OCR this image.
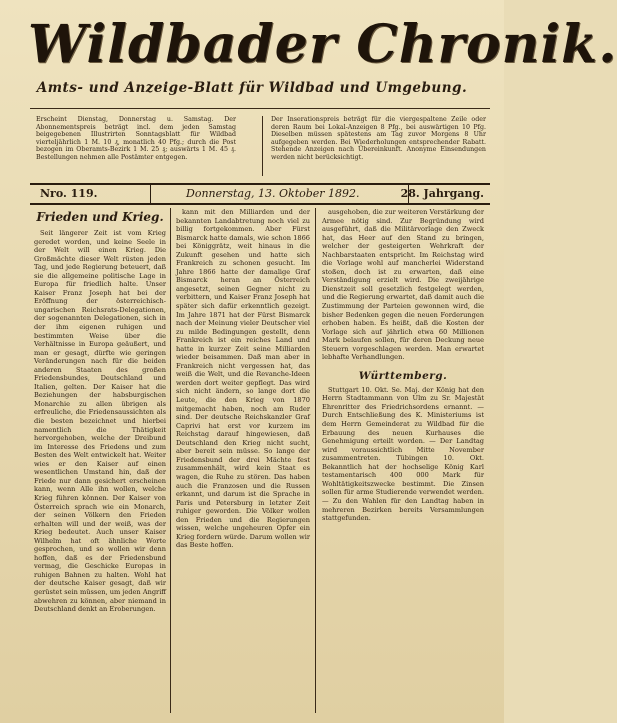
Wildbader Chronik.
Amts- und Anzeige-Blatt für Wildbad und Umgebung.
Erscheint Dienstag, Donnerstag u. Samstag. Der Abonnementspreis beträgt incl. dem jeden Samstag beigegebenen Illustrirten Sonntagsblatt für Wildbad vierteljährlich 1 M. 10 ₰, monatlich 40 Pfg.; durch die Post bezogen im Oberamts-Bezirk 1 M. 25 ₰; auswärts 1 M. 45 ₰. Bestellungen nehmen alle Postämter entgegen.
Der Inserationspreis beträgt für die viergespaltene Zeile oder deren Raum bei Lokal-Anzeigen 8 Pfg., bei auswärtigen 10 Pfg. Dieselben müssen spätestens am Tag zuvor Morgens 8 Uhr aufgegeben werden. Bei Wiederholungen entsprechender Rabatt. Stehende Anzeigen nach Übereinkunft. Anonyme Einsendungen werden nicht berücksichtigt.
Nro. 119.	Donnerstag, 13. Oktober 1892.	28. Jahrgang.
Frieden und Krieg.

Seit längerer Zeit ist vom Krieg geredet worden, und keine Seele in der Welt will einen Krieg. Die Großmächte dieser Welt rüsten jeden Tag, und jede Regierung beteuert, daß sie die allgemeine politische Lage in Europa für friedlich halte. Unser Kaiser Franz Joseph hat bei der Eröffnung der österreichisch-ungarischen Reichsrats-Delegationen, der sogenannten Delegationen, sich in der ihm eigenen ruhigen und bestimmten Weise über die Verhältnisse in Europa geäußert, und man er gesagt, dürfte wie geringen Veränderungen nach für die beiden anderen Staaten des großen Friedensbundes, Deutschland und Italien, gelten. Der Kaiser hat die Beziehungen der habsburgischen Monarchie zu allen übrigen als erfreuliche, die Friedensaussichten als die besten bezeichnet und hierbei namentlich die Thätigkeit hervorgehoben, welche der Dreibund im Interesse des Friedens und zum Besten des Welt entwickelt hat. Weiter wies er den Kaiser auf einen wesentlichen Umstand hin, daß der Friede nur dann gesichert erscheinen kann, wenn Alle ihn wollen, welche Krieg führen können. Der Kaiser von Österreich sprach wie ein Monarch, der seinen Völkern den Frieden erhalten will und der weiß, was der Krieg bedeutet. Auch unser Kaiser Wilhelm hat oft ähnliche Worte gesprochen, und so wollen wir denn hoffen, daß es der Friedensbund vermag, die Geschicke Europas in ruhigen Bahnen zu halten. Wohl hat der deutsche Kaiser gesagt, daß wir gerüstet sein müssen, um jeden Angriff abwehren zu können, aber niemand in Deutschland denkt an Eroberungen.

kann mit den Milliarden und der bekannten Landabtretung noch viel zu billig fortgekommen. Aber Fürst Bismarck hatte damals, wie schon 1866 bei Königgrätz, weit hinaus in die Zukunft gesehen und hatte sich Frankreich zu schonen gesucht. Im Jahre 1866 hatte der damalige Graf Bismarck heran an Österreich angesetzt, seinen Gegner nicht zu verbittern, und Kaiser Franz Joseph hat später sich dafür erkenntlich gezeigt. Im Jahre 1871 hat der Fürst Bismarck nach der Meinung vieler Deutscher viel zu milde Bedingungen gestellt, denn Frankreich ist ein reiches Land und hatte in kurzer Zeit seine Milliarden wieder beisammen. Daß man aber in Frankreich nicht vergessen hat, das weiß die Welt, und die Revanche-Ideen werden dort weiter gepflegt. Das wird sich nicht ändern, so lange dort die Leute, die den Krieg von 1870 mitgemacht haben, noch am Ruder sind. Der deutsche Reichskanzler Graf Caprivi hat erst vor kurzem im Reichstag darauf hingewiesen, daß Deutschland den Krieg nicht sucht, aber bereit sein müsse. So lange der Friedensbund der drei Mächte fest zusammenhält, wird kein Staat es wagen, die Ruhe zu stören. Das haben auch die Franzosen und die Russen erkannt, und darum ist die Sprache in Paris und Petersburg in letzter Zeit ruhiger geworden. Die Völker wollen den Frieden und die Regierungen wissen, welche ungeheuren Opfer ein Krieg fordern würde. Darum wollen wir das Beste hoffen.

ausgehoben, die zur weiteren Verstärkung der Armee nötig sind. Zur Begründung wird ausgeführt, daß die Militärvorlage den Zweck hat, das Heer auf den Stand zu bringen, welcher der gesteigerten Wehrkraft der Nachbarstaaten entspricht. Im Reichstag wird die Vorlage wohl auf mancherlei Widerstand stoßen, doch ist zu erwarten, daß eine Verständigung erzielt wird. Die zweijährige Dienstzeit soll gesetzlich festgelegt werden, und die Regierung erwartet, daß damit auch die Zustimmung der Parteien gewonnen wird, die bisher Bedenken gegen die neuen Forderungen erhoben haben. Es heißt, daß die Kosten der Vorlage sich auf jährlich etwa 60 Millionen Mark belaufen sollen, für deren Deckung neue Steuern vorgeschlagen werden. Man erwartet lebhafte Verhandlungen.

Württemberg.

Stuttgart 10. Okt. Se. Maj. der König hat den Herrn Stadtammann von Ulm zu Sr. Majestät Ehrenritter des Friedrichsordens ernannt. — Durch Entschließung des K. Ministeriums ist dem Herrn Gemeinderat zu Wildbad für die Erbauung des neuen Kurhauses die Genehmigung erteilt worden. — Der Landtag wird voraussichtlich Mitte November zusammentreten. Tübingen 10. Okt. Bekanntlich hat der hochselige König Karl testamentarisch 400 000 Mark für Wohltätigkeitszwecke bestimmt. Die Zinsen sollen für arme Studierende verwendet werden. — Zu den Wahlen für den Landtag haben in mehreren Bezirken bereits Versammlungen stattgefunden.
